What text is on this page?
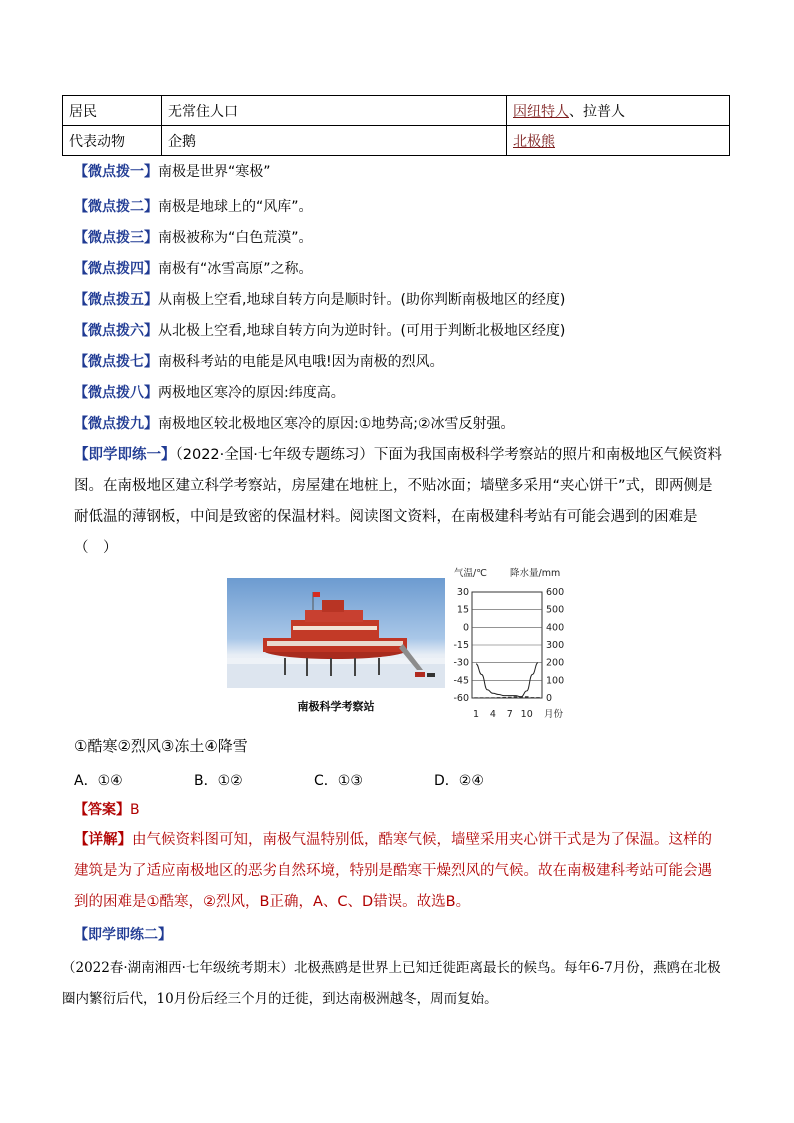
居民	无常住人口	因纽特人、拉普人
代表动物	企鹅	北极熊
【微点拨一】南极是世界“寒极”
【微点拨二】南极是地球上的“风库”。
【微点拨三】南极被称为“白色荒漠”。
【微点拨四】南极有“冰雪高原”之称。
【微点拨五】从南极上空看,地球自转方向是顺时针。(助你判断南极地区的经度)
【微点拨六】从北极上空看,地球自转方向为逆时针。(可用于判断北极地区经度)
【微点拨七】南极科考站的电能是风电哦!因为南极的烈风。
【微点拨八】两极地区寒冷的原因:纬度高。
【微点拨九】南极地区较北极地区寒冷的原因:①地势高;②冰雪反射强。
【即学即练一】（2022·全国·七年级专题练习）下面为我国南极科学考察站的照片和南极地区气候资料图。在南极地区建立科学考察站，房屋建在地桩上，不贴冰面；墙壁多采用“夹心饼干”式，即两侧是耐低温的薄钢板，中间是致密的保温材料。阅读图文资料，在南极建科考站有可能会遇到的困难是（　）
南极科学考察站
气温/℃ 降水量/mm
30
15
0
-15
-30
-45
-60
600
500
400
300
200
100
0
1 4 7 10 月份
①酷寒②烈风③冻土④降雪
A．①④	B．①②	C．①③	D．②④
【答案】B
【详解】由气候资料图可知，南极气温特别低，酷寒气候，墙壁采用夹心饼干式是为了保温。这样的建筑是为了适应南极地区的恶劣自然环境，特别是酷寒干燥烈风的气候。故在南极建科考站可能会遇到的困难是①酷寒，②烈风，B正确，A、C、D错误。故选B。
【即学即练二】
（2022春·湖南湘西·七年级统考期末）北极燕鸥是世界上已知迁徙距离最长的候鸟。每年6-7月份，燕鸥在北极圈内繁衍后代，10月份后经三个月的迁徙，到达南极洲越冬，周而复始。
